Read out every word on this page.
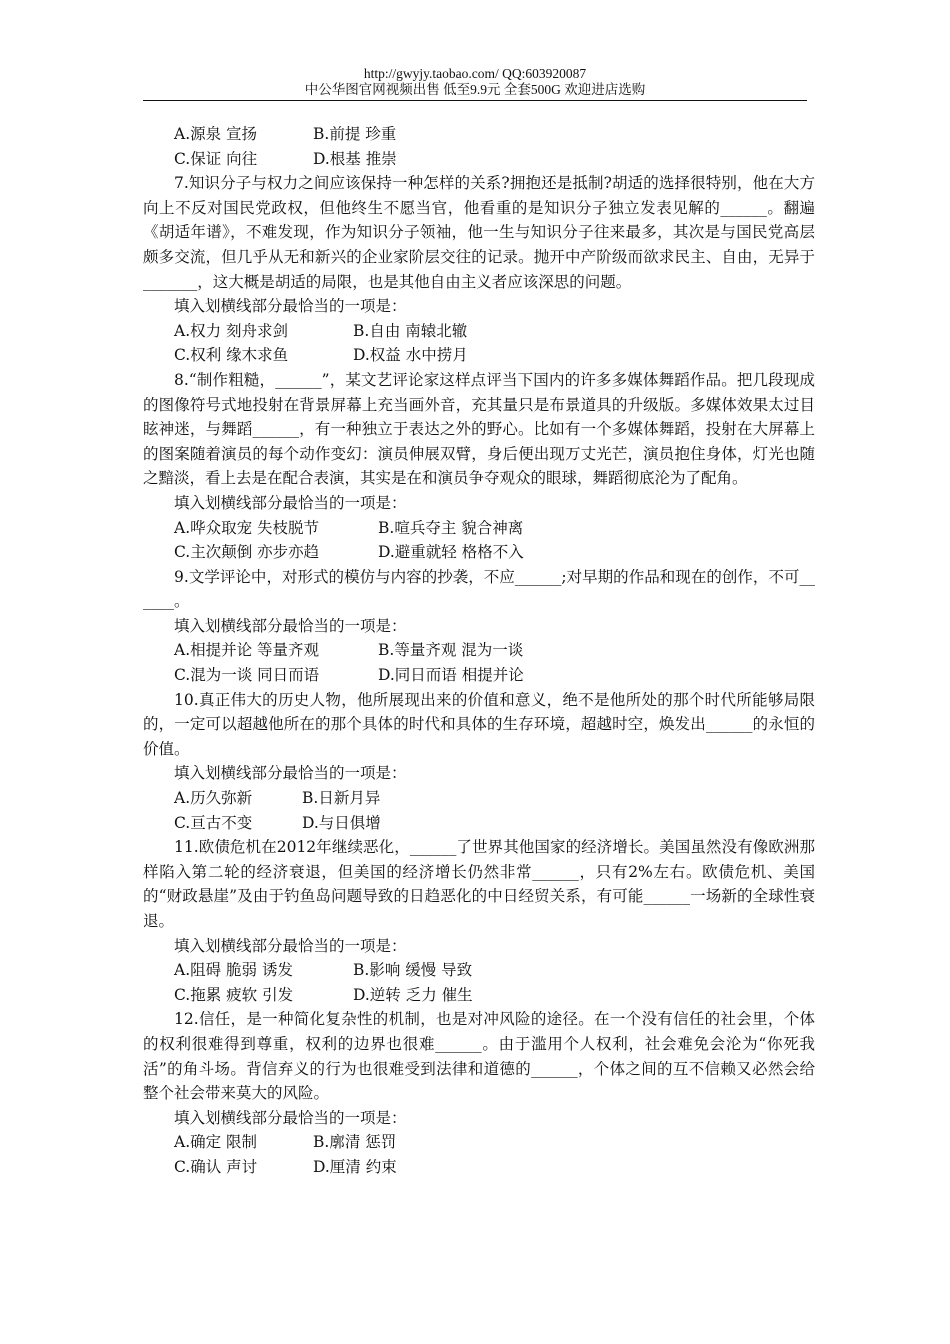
http://gwyjy.taobao.com/ QQ:603920087
中公华图官网视频出售 低至9.9元 全套500G 欢迎进店选购
A.源泉 宣扬	B.前提 珍重
C.保证 向往	D.根基 推崇

7.知识分子与权力之间应该保持一种怎样的关系?拥抱还是抵制?胡适的选择很特别，他在大方向上不反对国民党政权，但他终生不愿当官，他看重的是知识分子独立发表见解的______。翻遍《胡适年谱》，不难发现，作为知识分子领袖，他一生与知识分子往来最多，其次是与国民党高层颇多交流，但几乎从无和新兴的企业家阶层交往的记录。抛开中产阶级而欲求民主、自由，无异于_______，这大概是胡适的局限，也是其他自由主义者应该深思的问题。

填入划横线部分最恰当的一项是：

A.权力 刻舟求剑	B.自由 南辕北辙
C.权利 缘木求鱼	D.权益 水中捞月

8.“制作粗糙，______”，某文艺评论家这样点评当下国内的许多多媒体舞蹈作品。把几段现成的图像符号式地投射在背景屏幕上充当画外音，充其量只是布景道具的升级版。多媒体效果太过目眩神迷，与舞蹈______，有一种独立于表达之外的野心。比如有一个多媒体舞蹈，投射在大屏幕上的图案随着演员的每个动作变幻：演员伸展双臂，身后便出现万丈光芒，演员抱住身体，灯光也随之黯淡，看上去是在配合表演，其实是在和演员争夺观众的眼球，舞蹈彻底沦为了配角。

填入划横线部分最恰当的一项是：

A.哗众取宠 失枝脱节	B.喧兵夺主 貌合神离
C.主次颠倒 亦步亦趋	D.避重就轻 格格不入

9.文学评论中，对形式的模仿与内容的抄袭，不应______;对早期的作品和现在的创作，不可______。

填入划横线部分最恰当的一项是：

A.相提并论 等量齐观	B.等量齐观 混为一谈
C.混为一谈 同日而语	D.同日而语 相提并论

10.真正伟大的历史人物，他所展现出来的价值和意义，绝不是他所处的那个时代所能够局限的，一定可以超越他所在的那个具体的时代和具体的生存环境，超越时空，焕发出______的永恒的价值。

填入划横线部分最恰当的一项是：

A.历久弥新	B.日新月异
C.亘古不变	D.与日俱增

11.欧债危机在2012年继续恶化，______了世界其他国家的经济增长。美国虽然没有像欧洲那样陷入第二轮的经济衰退，但美国的经济增长仍然非常______，只有2%左右。欧债危机、美国的“财政悬崖”及由于钓鱼岛问题导致的日趋恶化的中日经贸关系，有可能______一场新的全球性衰退。

填入划横线部分最恰当的一项是：

A.阻碍 脆弱 诱发	B.影响 缓慢 导致
C.拖累 疲软 引发	D.逆转 乏力 催生

12.信任，是一种简化复杂性的机制，也是对冲风险的途径。在一个没有信任的社会里，个体的权利很难得到尊重，权利的边界也很难______。由于滥用个人权利，社会难免会沦为“你死我活”的角斗场。背信弃义的行为也很难受到法律和道德的______，个体之间的互不信赖又必然会给整个社会带来莫大的风险。

填入划横线部分最恰当的一项是：

A.确定 限制	B.廓清 惩罚
C.确认 声讨	D.厘清 约束
